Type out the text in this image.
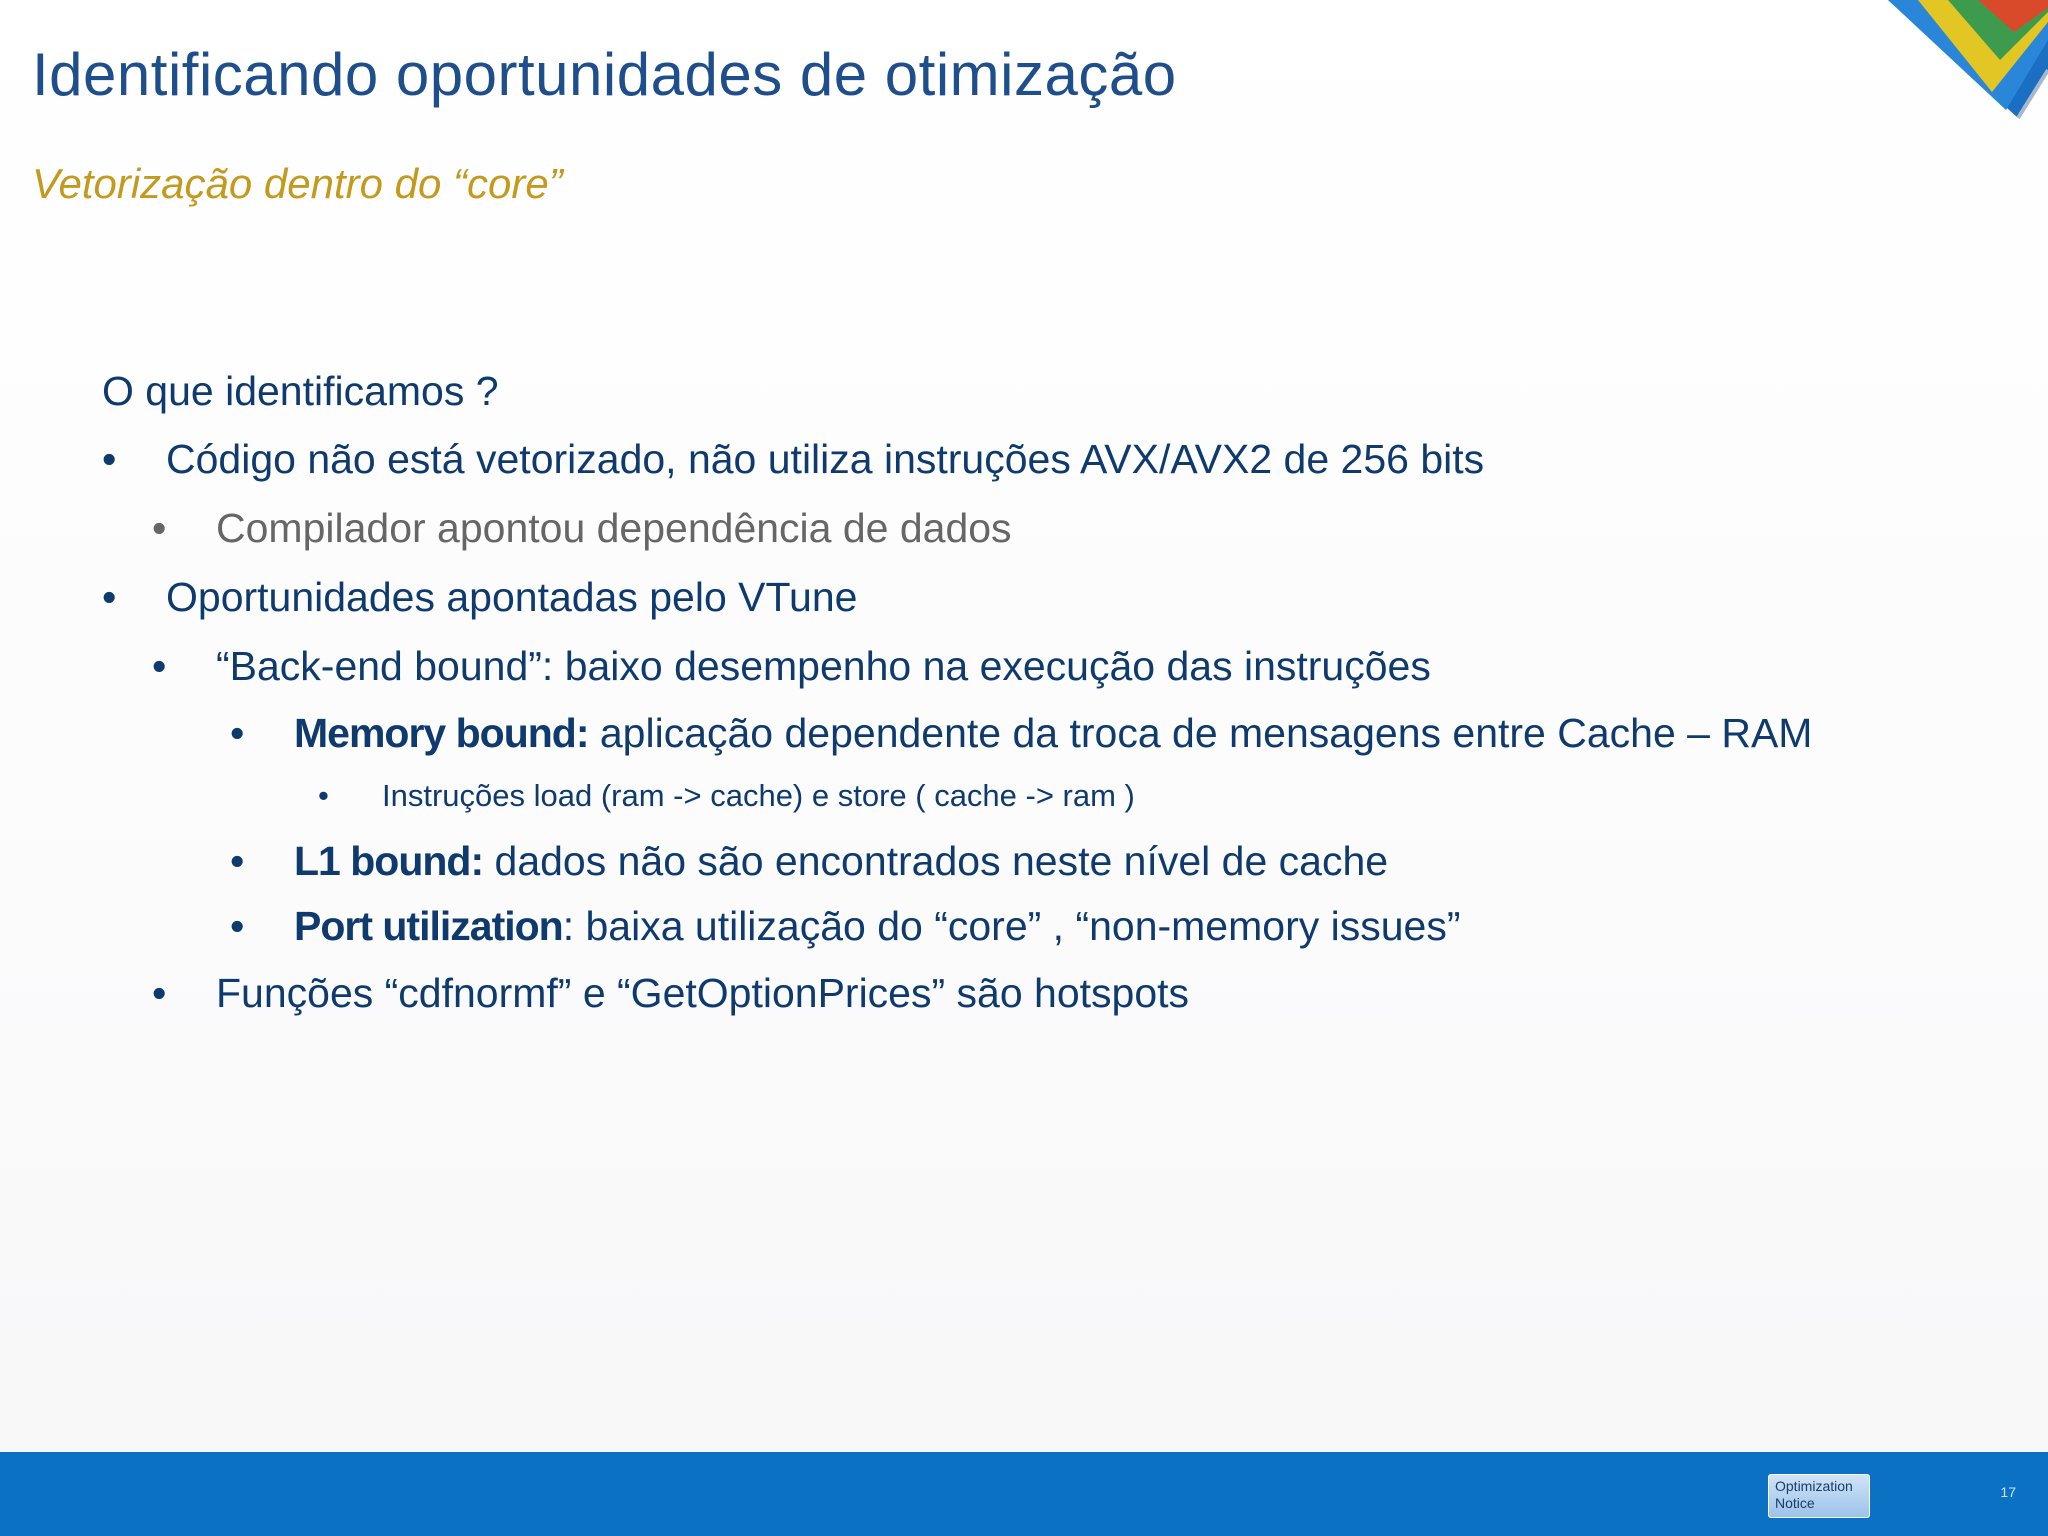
Identificando oportunidades de otimização
Vetorização dentro do “core”
O que identificamos ?
•	Código não está vetorizado, não utiliza instruções AVX/AVX2 de 256 bits
•	Compilador apontou dependência de dados
•	Oportunidades apontadas pelo VTune
•	“Back-end bound”: baixo desempenho na execução das instruções
•	Memory bound: aplicação dependente da troca de mensagens entre Cache – RAM
•	Instruções load (ram -> cache) e store ( cache -> ram )
•	L1 bound: dados não são encontrados neste nível de cache
•	Port utilization: baixa utilização do “core” , “non-memory issues”
•	Funções “cdfnormf” e “GetOptionPrices” são hotspots
Optimization
Notice
17
